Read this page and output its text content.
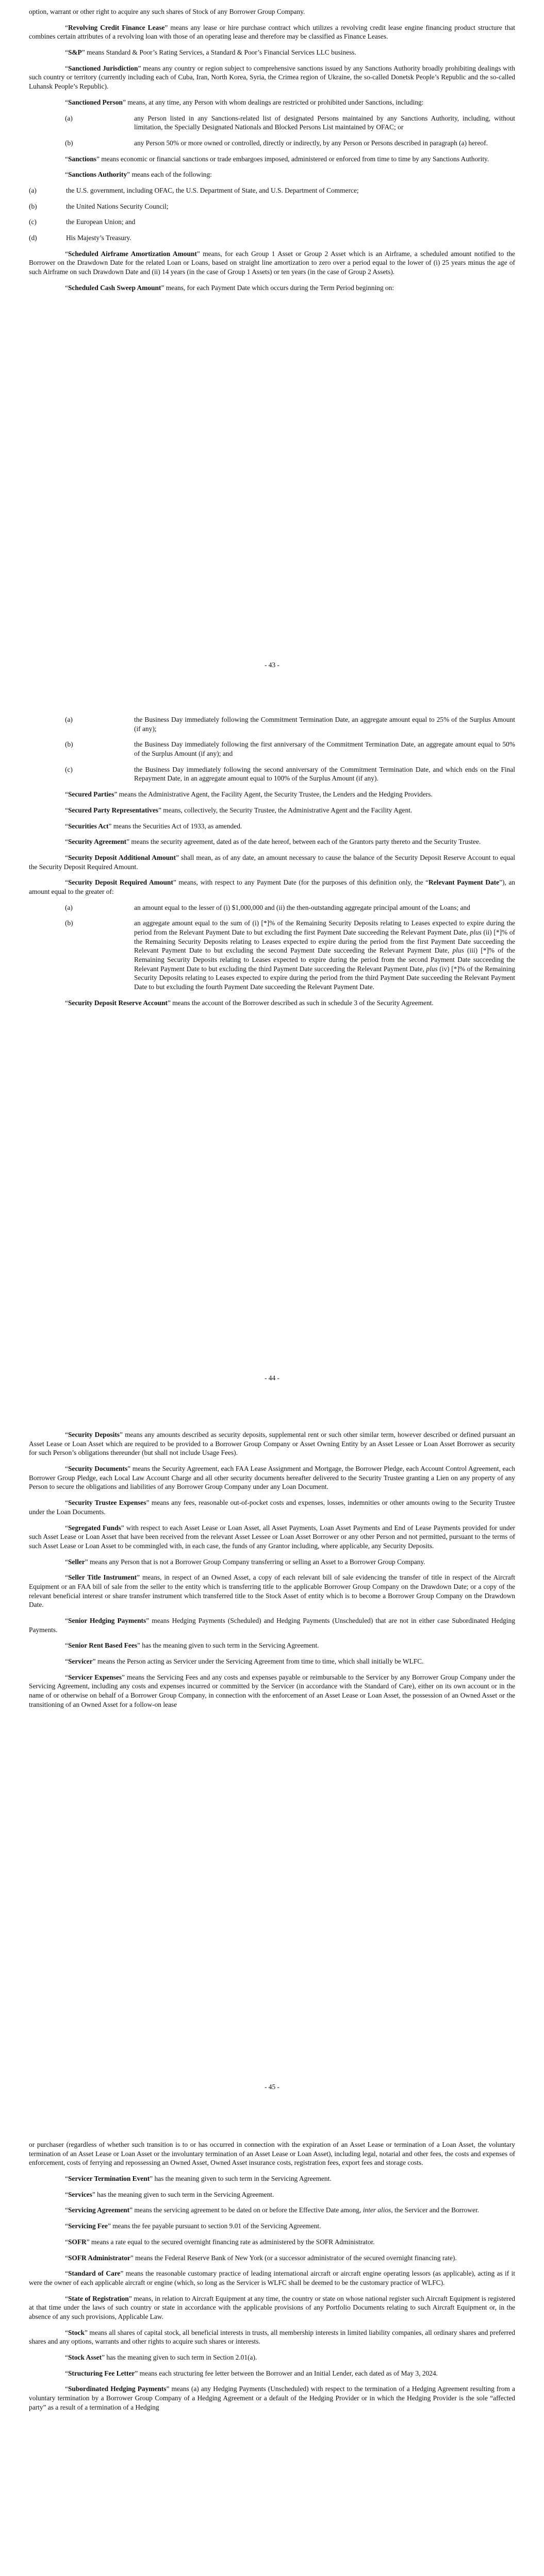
option, warrant or other right to acquire any such shares of Stock of any Borrower Group Company.
“Revolving Credit Finance Lease” means any lease or hire purchase contract which utilizes a revolving credit lease engine financing product structure that combines certain attributes of a revolving loan with those of an operating lease and therefore may be classified as Finance Leases.
“S&P” means Standard & Poor’s Rating Services, a Standard & Poor’s Financial Services LLC business.
“Sanctioned Jurisdiction” means any country or region subject to comprehensive sanctions issued by any Sanctions Authority broadly prohibiting dealings with such country or territory (currently including each of Cuba, Iran, North Korea, Syria, the Crimea region of Ukraine, the so-called Donetsk People’s Republic and the so-called Luhansk People’s Republic).
“Sanctioned Person” means, at any time, any Person with whom dealings are restricted or prohibited under Sanctions, including:
(a)	any Person listed in any Sanctions-related list of designated Persons maintained by any Sanctions Authority, including, without limitation, the Specially Designated Nationals and Blocked Persons List maintained by OFAC; or
(b)	any Person 50% or more owned or controlled, directly or indirectly, by any Person or Persons described in paragraph (a) hereof.
“Sanctions” means economic or financial sanctions or trade embargoes imposed, administered or enforced from time to time by any Sanctions Authority.
“Sanctions Authority” means each of the following:
(a)	the U.S. government, including OFAC, the U.S. Department of State, and U.S. Department of Commerce;
(b)	the United Nations Security Council;
(c)	the European Union; and
(d)	His Majesty’s Treasury.
“Scheduled Airframe Amortization Amount” means, for each Group 1 Asset or Group 2 Asset which is an Airframe, a scheduled amount notified to the Borrower on the Drawdown Date for the related Loan or Loans, based on straight line amortization to zero over a period equal to the lower of (i) 25 years minus the age of such Airframe on such Drawdown Date and (ii) 14 years (in the case of Group 1 Assets) or ten years (in the case of Group 2 Assets).
“Scheduled Cash Sweep Amount” means, for each Payment Date which occurs during the Term Period beginning on:
- 43 -
(a)	the Business Day immediately following the Commitment Termination Date, an aggregate amount equal to 25% of the Surplus Amount (if any);
(b)	the Business Day immediately following the first anniversary of the Commitment Termination Date, an aggregate amount equal to 50% of the Surplus Amount (if any); and
(c)	the Business Day immediately following the second anniversary of the Commitment Termination Date, and which ends on the Final Repayment Date, in an aggregate amount equal to 100% of the Surplus Amount (if any).
“Secured Parties” means the Administrative Agent, the Facility Agent, the Security Trustee, the Lenders and the Hedging Providers.
“Secured Party Representatives” means, collectively, the Security Trustee, the Administrative Agent and the Facility Agent.
“Securities Act” means the Securities Act of 1933, as amended.
“Security Agreement” means the security agreement, dated as of the date hereof, between each of the Grantors party thereto and the Security Trustee.
“Security Deposit Additional Amount” shall mean, as of any date, an amount necessary to cause the balance of the Security Deposit Reserve Account to equal the Security Deposit Required Amount.
“Security Deposit Required Amount” means, with respect to any Payment Date (for the purposes of this definition only, the “Relevant Payment Date”), an amount equal to the greater of:
(a)	an amount equal to the lesser of (i) $1,000,000 and (ii) the then-outstanding aggregate principal amount of the Loans; and
(b)	an aggregate amount equal to the sum of (i) [*]% of the Remaining Security Deposits relating to Leases expected to expire during the period from the Relevant Payment Date to but excluding the first Payment Date succeeding the Relevant Payment Date, plus (ii) [*]% of the Remaining Security Deposits relating to Leases expected to expire during the period from the first Payment Date succeeding the Relevant Payment Date to but excluding the second Payment Date succeeding the Relevant Payment Date, plus (iii) [*]% of the Remaining Security Deposits relating to Leases expected to expire during the period from the second Payment Date succeeding the Relevant Payment Date to but excluding the third Payment Date succeeding the Relevant Payment Date, plus (iv) [*]% of the Remaining Security Deposits relating to Leases expected to expire during the period from the third Payment Date succeeding the Relevant Payment Date to but excluding the fourth Payment Date succeeding the Relevant Payment Date.
“Security Deposit Reserve Account” means the account of the Borrower described as such in schedule 3 of the Security Agreement.
- 44 -
“Security Deposits” means any amounts described as security deposits, supplemental rent or such other similar term, however described or defined pursuant an Asset Lease or Loan Asset which are required to be provided to a Borrower Group Company or Asset Owning Entity by an Asset Lessee or Loan Asset Borrower as security for such Person’s obligations thereunder (but shall not include Usage Fees).
“Security Documents” means the Security Agreement, each FAA Lease Assignment and Mortgage, the Borrower Pledge, each Account Control Agreement, each Borrower Group Pledge, each Local Law Account Charge and all other security documents hereafter delivered to the Security Trustee granting a Lien on any property of any Person to secure the obligations and liabilities of any Borrower Group Company under any Loan Document.
“Security Trustee Expenses” means any fees, reasonable out-of-pocket costs and expenses, losses, indemnities or other amounts owing to the Security Trustee under the Loan Documents.
“Segregated Funds” with respect to each Asset Lease or Loan Asset, all Asset Payments, Loan Asset Payments and End of Lease Payments provided for under such Asset Lease or Loan Asset that have been received from the relevant Asset Lessee or Loan Asset Borrower or any other Person and not permitted, pursuant to the terms of such Asset Lease or Loan Asset to be commingled with, in each case, the funds of any Grantor including, where applicable, any Security Deposits.
“Seller” means any Person that is not a Borrower Group Company transferring or selling an Asset to a Borrower Group Company.
“Seller Title Instrument” means, in respect of an Owned Asset, a copy of each relevant bill of sale evidencing the transfer of title in respect of the Aircraft Equipment or an FAA bill of sale from the seller to the entity which is transferring title to the applicable Borrower Group Company on the Drawdown Date; or a copy of the relevant beneficial interest or share transfer instrument which transferred title to the Stock Asset of entity which is to become a Borrower Group Company on the Drawdown Date.
“Senior Hedging Payments” means Hedging Payments (Scheduled) and Hedging Payments (Unscheduled) that are not in either case Subordinated Hedging Payments.
“Senior Rent Based Fees” has the meaning given to such term in the Servicing Agreement.
“Servicer” means the Person acting as Servicer under the Servicing Agreement from time to time, which shall initially be WLFC.
“Servicer Expenses” means the Servicing Fees and any costs and expenses payable or reimbursable to the Servicer by any Borrower Group Company under the Servicing Agreement, including any costs and expenses incurred or committed by the Servicer (in accordance with the Standard of Care), either on its own account or in the name of or otherwise on behalf of a Borrower Group Company, in connection with the enforcement of an Asset Lease or Loan Asset, the possession of an Owned Asset or the transitioning of an Owned Asset for a follow-on lease
- 45 -
or purchaser (regardless of whether such transition is to or has occurred in connection with the expiration of an Asset Lease or termination of a Loan Asset, the voluntary termination of an Asset Lease or Loan Asset or the involuntary termination of an Asset Lease or Loan Asset), including legal, notarial and other fees, the costs and expenses of enforcement, costs of ferrying and repossessing an Owned Asset, Owned Asset insurance costs, registration fees, export fees and storage costs.
“Servicer Termination Event” has the meaning given to such term in the Servicing Agreement.
“Services” has the meaning given to such term in the Servicing Agreement.
“Servicing Agreement” means the servicing agreement to be dated on or before the Effective Date among, inter alios, the Servicer and the Borrower.
“Servicing Fee” means the fee payable pursuant to section 9.01 of the Servicing Agreement.
“SOFR” means a rate equal to the secured overnight financing rate as administered by the SOFR Administrator.
“SOFR Administrator” means the Federal Reserve Bank of New York (or a successor administrator of the secured overnight financing rate).
“Standard of Care” means the reasonable customary practice of leading international aircraft or aircraft engine operating lessors (as applicable), acting as if it were the owner of each applicable aircraft or engine (which, so long as the Servicer is WLFC shall be deemed to be the customary practice of WLFC).
“State of Registration” means, in relation to Aircraft Equipment at any time, the country or state on whose national register such Aircraft Equipment is registered at that time under the laws of such country or state in accordance with the applicable provisions of any Portfolio Documents relating to such Aircraft Equipment or, in the absence of any such provisions, Applicable Law.
“Stock” means all shares of capital stock, all beneficial interests in trusts, all membership interests in limited liability companies, all ordinary shares and preferred shares and any options, warrants and other rights to acquire such shares or interests.
“Stock Asset” has the meaning given to such term in Section 2.01(a).
“Structuring Fee Letter” means each structuring fee letter between the Borrower and an Initial Lender, each dated as of May 3, 2024.
“Subordinated Hedging Payments” means (a) any Hedging Payments (Unscheduled) with respect to the termination of a Hedging Agreement resulting from a voluntary termination by a Borrower Group Company of a Hedging Agreement or a default of the Hedging Provider or in which the Hedging Provider is the sole “affected party” as a result of a termination of a Hedging
